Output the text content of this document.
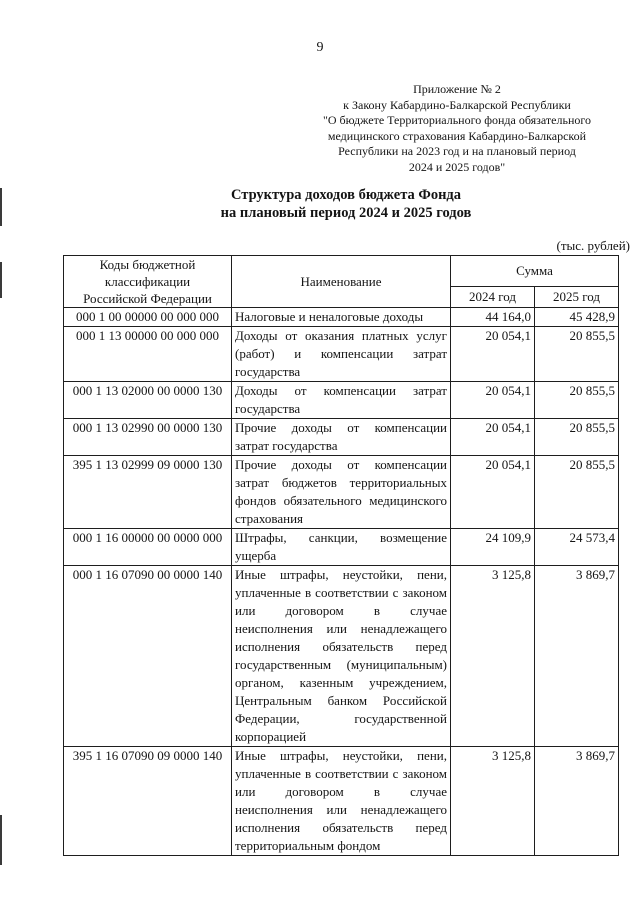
9
Приложение № 2
к Закону Кабардино-Балкарской Республики
"О бюджете Территориального фонда обязательного
медицинского страхования Кабардино-Балкарской
Республики на 2023 год и на плановый период
2024 и 2025 годов"
Структура доходов бюджета Фонда
на плановый период 2024 и 2025 годов
(тыс. рублей)
Коды бюджетной
классификации
Российской Федерации	Наименование	Сумма	
		2024 год	2025 год
000 1 00 00000 00 000 000	Налоговые и неналоговые доходы	44 164,0	45 428,9
000 1 13 00000 00 000 000	Доходы от оказания платных услуг (работ) и компенсации затрат государства	20 054,1	20 855,5
000 1 13 02000 00 0000 130	Доходы от компенсации затрат государства	20 054,1	20 855,5
000 1 13 02990 00 0000 130	Прочие доходы от компенсации затрат государства	20 054,1	20 855,5
395 1 13 02999 09 0000 130	Прочие доходы от компенсации затрат бюджетов территориальных фондов обязательного медицинского страхования	20 054,1	20 855,5
000 1 16 00000 00 0000 000	Штрафы, санкции, возмещение ущерба	24 109,9	24 573,4
000 1 16 07090 00 0000 140	Иные штрафы, неустойки, пени, уплаченные в соответствии с законом или договором в случае неисполнения или ненадлежащего исполнения обязательств перед государственным (муниципальным) органом, казенным учреждением, Центральным банком Российской Федерации, государственной корпорацией	3 125,8	3 869,7
395 1 16 07090 09 0000 140	Иные штрафы, неустойки, пени, уплаченные в соответствии с законом или договором в случае неисполнения или ненадлежащего исполнения обязательств перед территориальным фондом	3 125,8	3 869,7
